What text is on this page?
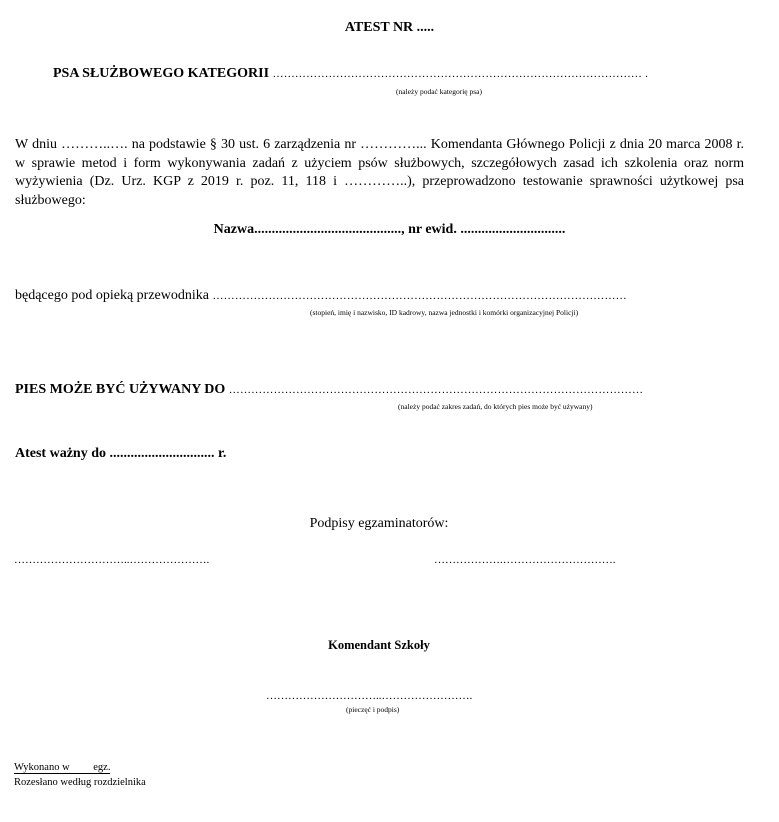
ATEST NR .....
PSA SŁUŻBOWEGO KATEGORII ……………………………………………………………………………………… .
(należy podać kategorię psa)
W dniu ………..…. na podstawie § 30 ust. 6 zarządzenia nr …………... Komendanta Głównego Policji z dnia 20 marca 2008 r. w sprawie metod i form wykonywania zadań z użyciem psów służbowych, szczegółowych zasad ich szkolenia oraz norm wyżywienia (Dz. Urz. KGP z 2019 r. poz. 11, 118 i …………..), przeprowadzono testowanie sprawności użytkowej psa służbowego:
Nazwa.........................................., nr ewid. ..............................
będącego pod opieką przewodnika …………………………………………………………………………………………………
(stopień, imię i nazwisko, ID kadrowy, nazwa jednostki i komórki organizacyjnej Policji)
PIES MOŻE BYĆ UŻYWANY DO …………………………………………………………………………………………………
(należy podać zakres zadań, do których pies może być używany)
Atest ważny do .............................. r.
Podpisy egzaminatorów:
…………………………..………………….	……………….………………………….
Komendant Szkoły
…………………………..…………………….
(pieczęć i podpis)
Wykonano w         egz.
Rozesłano według rozdzielnika
